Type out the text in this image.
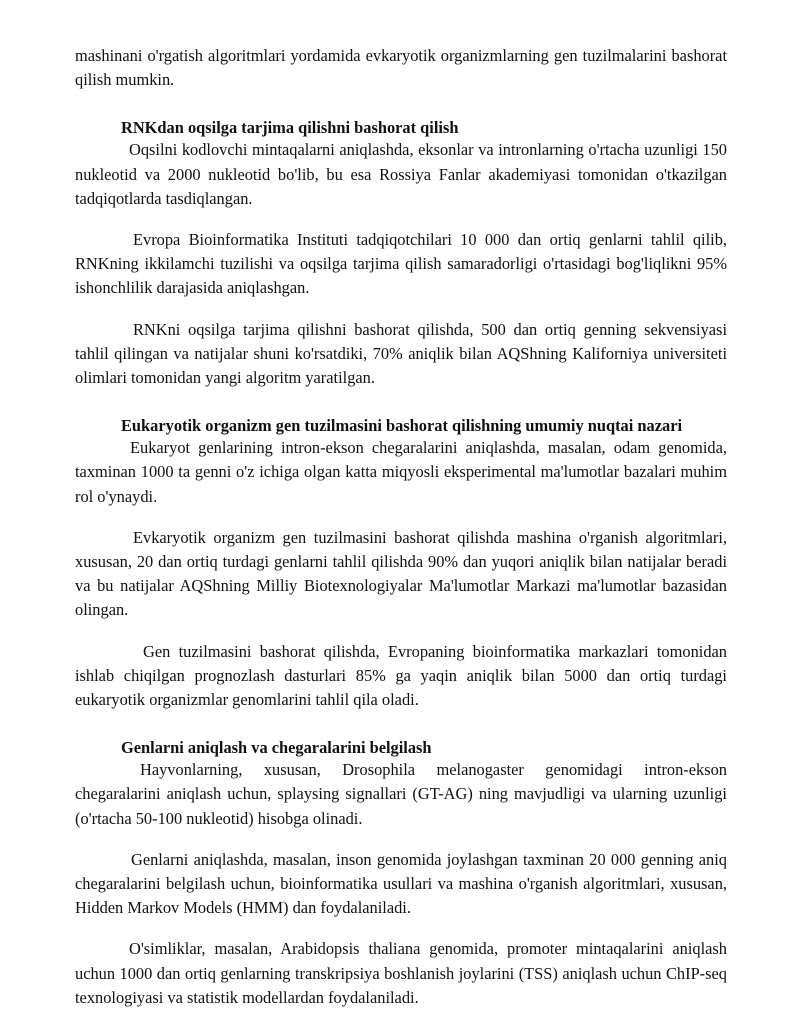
mashinani o'rgatish algoritmlari yordamida evkaryotik organizmlarning gen tuzilmalarini bashorat qilish mumkin.

RNKdan oqsilga tarjima qilishni bashorat qilish

Oqsilni kodlovchi mintaqalarni aniqlashda, eksonlar va intronlarning o'rtacha uzunligi 150 nukleotid va 2000 nukleotid bo'lib, bu esa Rossiya Fanlar akademiyasi tomonidan o'tkazilgan tadqiqotlarda tasdiqlangan.

Evropa Bioinformatika Instituti tadqiqotchilari 10 000 dan ortiq genlarni tahlil qilib, RNKning ikkilamchi tuzilishi va oqsilga tarjima qilish samaradorligi o'rtasidagi bog'liqlikni 95% ishonchlilik darajasida aniqlashgan.

RNKni oqsilga tarjima qilishni bashorat qilishda, 500 dan ortiq genning sekvensiyasi tahlil qilingan va natijalar shuni ko'rsatdiki, 70% aniqlik bilan AQShning Kaliforniya universiteti olimlari tomonidan yangi algoritm yaratilgan.

Eukaryotik organizm gen tuzilmasini bashorat qilishning umumiy nuqtai nazari

Eukaryot genlarining intron-ekson chegaralarini aniqlashda, masalan, odam genomida, taxminan 1000 ta genni o'z ichiga olgan katta miqyosli eksperimental ma'lumotlar bazalari muhim rol o'ynaydi.

Evkaryotik organizm gen tuzilmasini bashorat qilishda mashina o'rganish algoritmlari, xususan, 20 dan ortiq turdagi genlarni tahlil qilishda 90% dan yuqori aniqlik bilan natijalar beradi va bu natijalar AQShning Milliy Biotexnologiyalar Ma'lumotlar Markazi ma'lumotlar bazasidan olingan.

Gen tuzilmasini bashorat qilishda, Evropaning bioinformatika markazlari tomonidan ishlab chiqilgan prognozlash dasturlari 85% ga yaqin aniqlik bilan 5000 dan ortiq turdagi eukaryotik organizmlar genomlarini tahlil qila oladi.

Genlarni aniqlash va chegaralarini belgilash

Hayvonlarning, xususan, Drosophila melanogaster genomidagi intron-ekson chegaralarini aniqlash uchun, splaysing signallari (GT-AG) ning mavjudligi va ularning uzunligi (o'rtacha 50-100 nukleotid) hisobga olinadi.

Genlarni aniqlashda, masalan, inson genomida joylashgan taxminan 20 000 genning aniq chegaralarini belgilash uchun, bioinformatika usullari va mashina o'rganish algoritmlari, xususan, Hidden Markov Models (HMM) dan foydalaniladi.

O'simliklar, masalan, Arabidopsis thaliana genomida, promoter mintaqalarini aniqlash uchun 1000 dan ortiq genlarning transkripsiya boshlanish joylarini (TSS) aniqlash uchun ChIP-seq texnologiyasi va statistik modellardan foydalaniladi.
